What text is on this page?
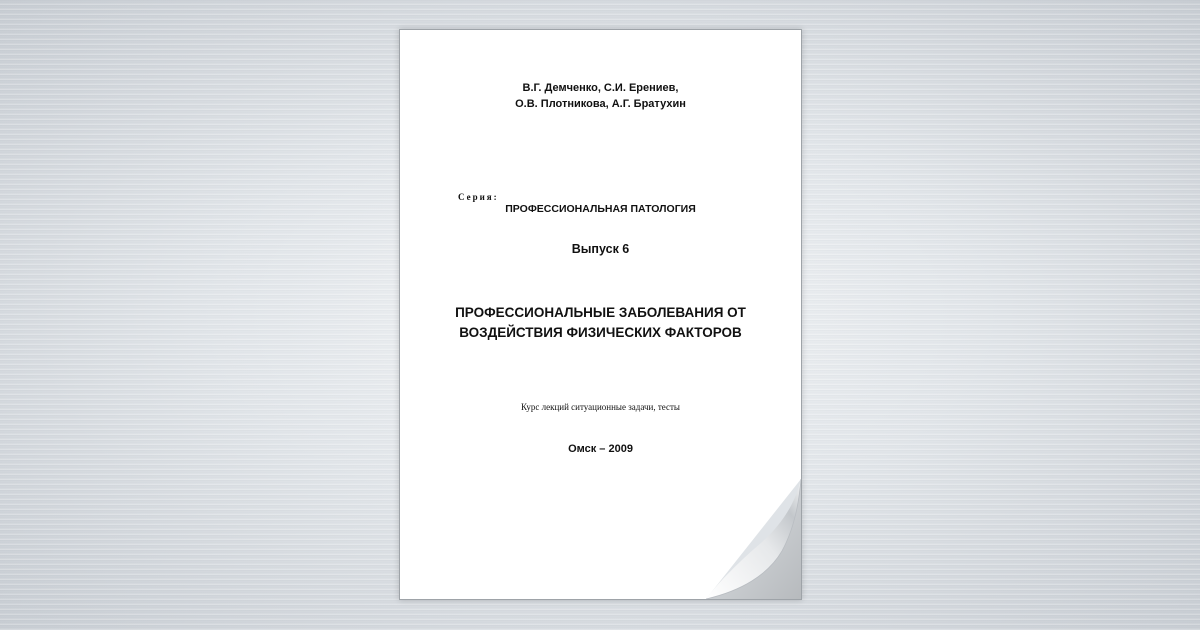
В.Г. Демченко, С.И. Ерениев,
О.В. Плотникова, А.Г. Братухин
Серия:
ПРОФЕССИОНАЛЬНАЯ ПАТОЛОГИЯ
Выпуск 6
ПРОФЕССИОНАЛЬНЫЕ ЗАБОЛЕВАНИЯ ОТ
ВОЗДЕЙСТВИЯ ФИЗИЧЕСКИХ ФАКТОРОВ
Курс лекций ситуационные задачи, тесты
Омск – 2009
